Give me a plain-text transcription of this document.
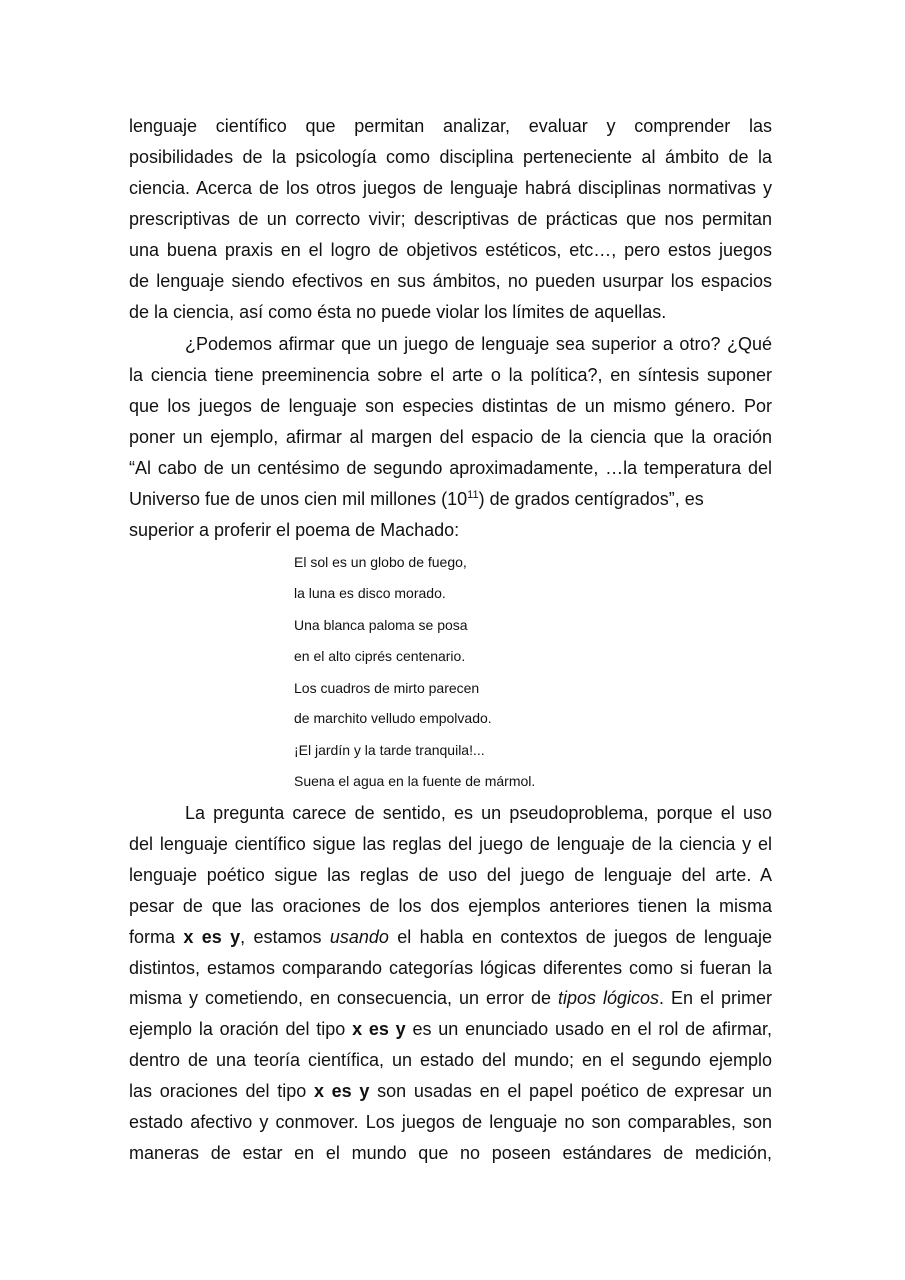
lenguaje científico que permitan analizar, evaluar y comprender las
posibilidades de la psicología como disciplina perteneciente al ámbito de la
ciencia. Acerca de los otros juegos de lenguaje habrá disciplinas normativas y
prescriptivas de un correcto vivir; descriptivas de prácticas que nos permitan
una buena praxis en el logro de objetivos estéticos, etc…, pero estos juegos
de lenguaje siendo efectivos en sus ámbitos, no pueden usurpar los espacios
de la ciencia, así como ésta no puede violar los límites de aquellas.
¿Podemos afirmar que un juego de lenguaje sea superior a otro? ¿Qué
la ciencia tiene preeminencia sobre el arte o la política?, en síntesis suponer
que los juegos de lenguaje son especies distintas de un mismo género. Por
poner un ejemplo, afirmar al margen del espacio de la ciencia que la oración
“Al cabo de un centésimo de segundo aproximadamente, …la temperatura del
Universo fue de unos cien mil millones $(10^{11})$ de grados centígrados”, es
superior a proferir el poema de Machado:
El sol es un globo de fuego,
la luna es disco morado.
Una blanca paloma se posa
en el alto ciprés centenario.
Los cuadros de mirto parecen
de marchito velludo empolvado.
¡El jardín y la tarde tranquila!...
Suena el agua en la fuente de mármol.
La pregunta carece de sentido, es un pseudoproblema, porque el uso
del lenguaje científico sigue las reglas del juego de lenguaje de la ciencia y el
lenguaje poético sigue las reglas de uso del juego de lenguaje del arte. A
pesar de que las oraciones de los dos ejemplos anteriores tienen la misma
forma x es y, estamos usando el habla en contextos de juegos de lenguaje
distintos, estamos comparando categorías lógicas diferentes como si fueran la
misma y cometiendo, en consecuencia, un error de tipos lógicos. En el primer
ejemplo la oración del tipo x es y es un enunciado usado en el rol de afirmar,
dentro de una teoría científica, un estado del mundo; en el segundo ejemplo
las oraciones del tipo x es y son usadas en el papel poético de expresar un
estado afectivo y conmover. Los juegos de lenguaje no son comparables, son
maneras de estar en el mundo que no poseen estándares de medición,
